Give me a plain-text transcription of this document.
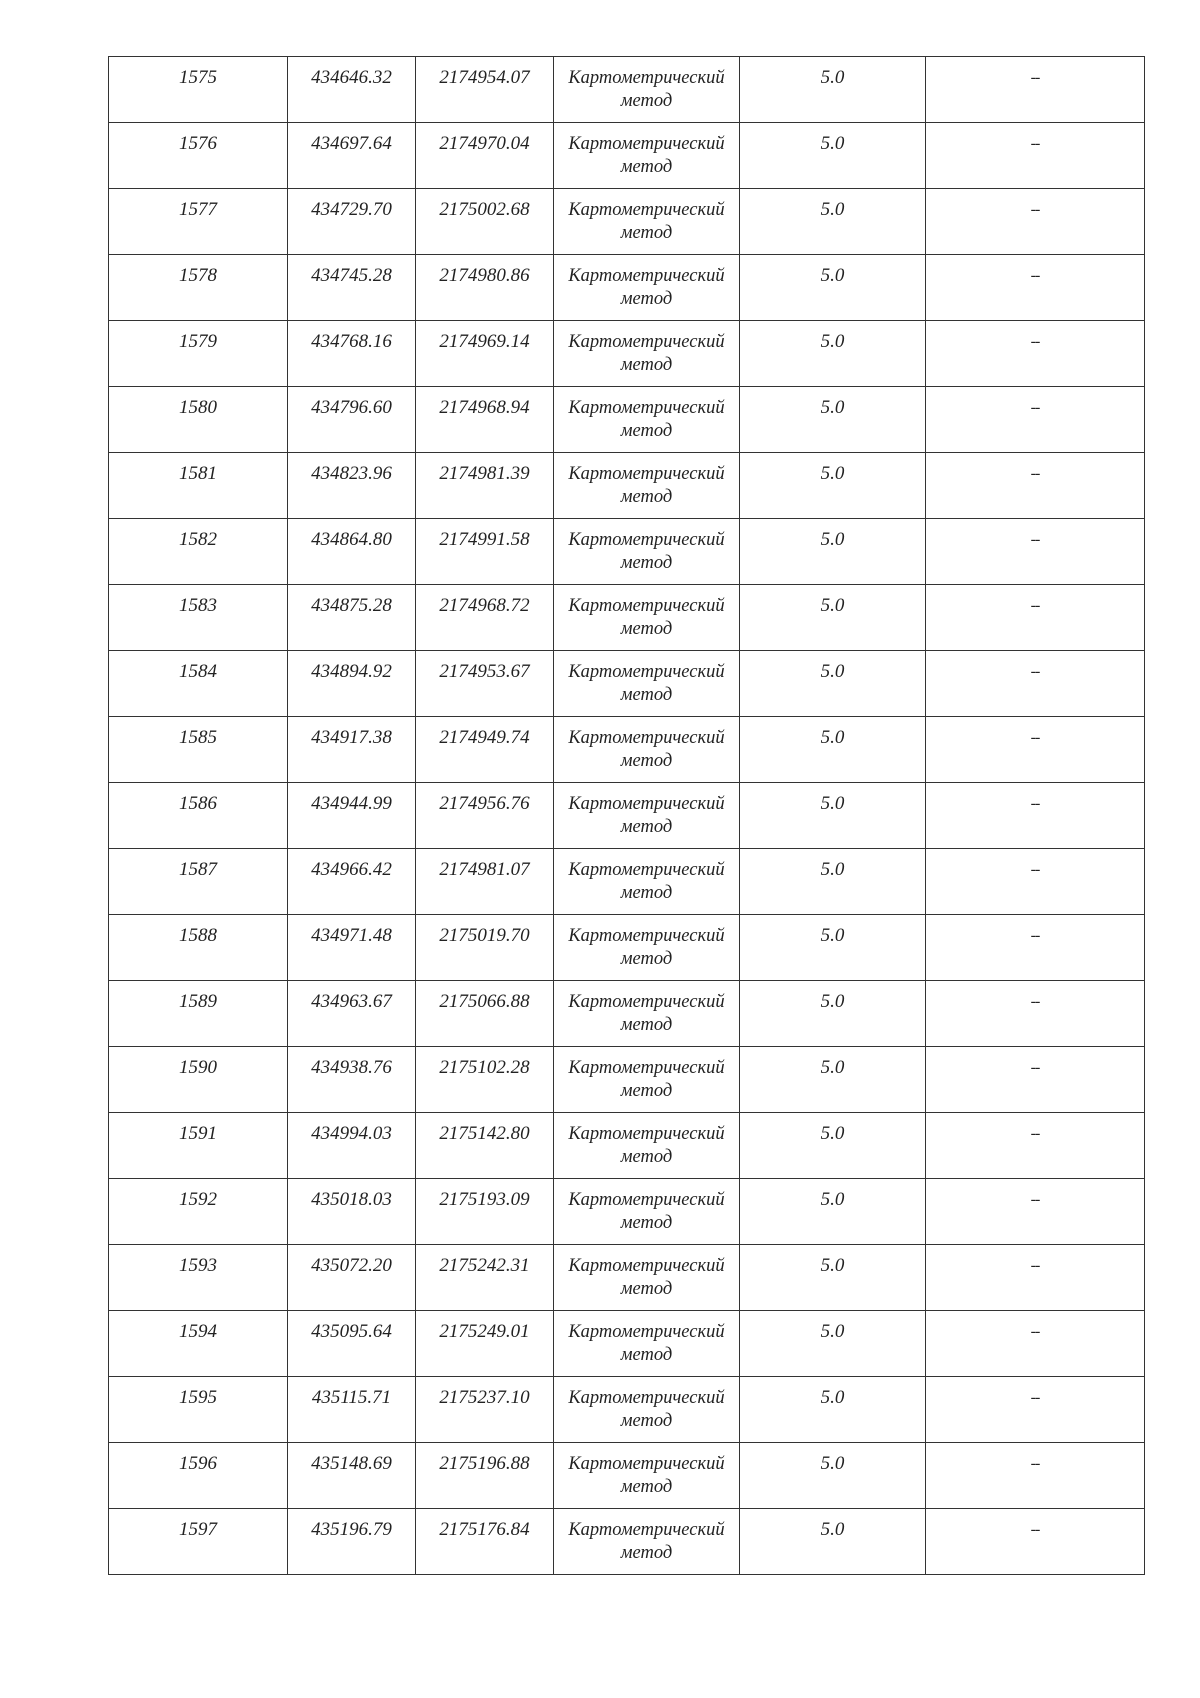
1575	434646.32	2174954.07	Картометрический
метод	5.0	--

1576	434697.64	2174970.04	Картометрический
метод	5.0	--

1577	434729.70	2175002.68	Картометрический
метод	5.0	--

1578	434745.28	2174980.86	Картометрический
метод	5.0	--

1579	434768.16	2174969.14	Картометрический
метод	5.0	--

1580	434796.60	2174968.94	Картометрический
метод	5.0	--

1581	434823.96	2174981.39	Картометрический
метод	5.0	--

1582	434864.80	2174991.58	Картометрический
метод	5.0	--

1583	434875.28	2174968.72	Картометрический
метод	5.0	--

1584	434894.92	2174953.67	Картометрический
метод	5.0	--

1585	434917.38	2174949.74	Картометрический
метод	5.0	--

1586	434944.99	2174956.76	Картометрический
метод	5.0	--

1587	434966.42	2174981.07	Картометрический
метод	5.0	--

1588	434971.48	2175019.70	Картометрический
метод	5.0	--

1589	434963.67	2175066.88	Картометрический
метод	5.0	--

1590	434938.76	2175102.28	Картометрический
метод	5.0	--

1591	434994.03	2175142.80	Картометрический
метод	5.0	--

1592	435018.03	2175193.09	Картометрический
метод	5.0	--

1593	435072.20	2175242.31	Картометрический
метод	5.0	--

1594	435095.64	2175249.01	Картометрический
метод	5.0	--

1595	435115.71	2175237.10	Картометрический
метод	5.0	--

1596	435148.69	2175196.88	Картометрический
метод	5.0	--

1597	435196.79	2175176.84	Картометрический
метод	5.0	--
